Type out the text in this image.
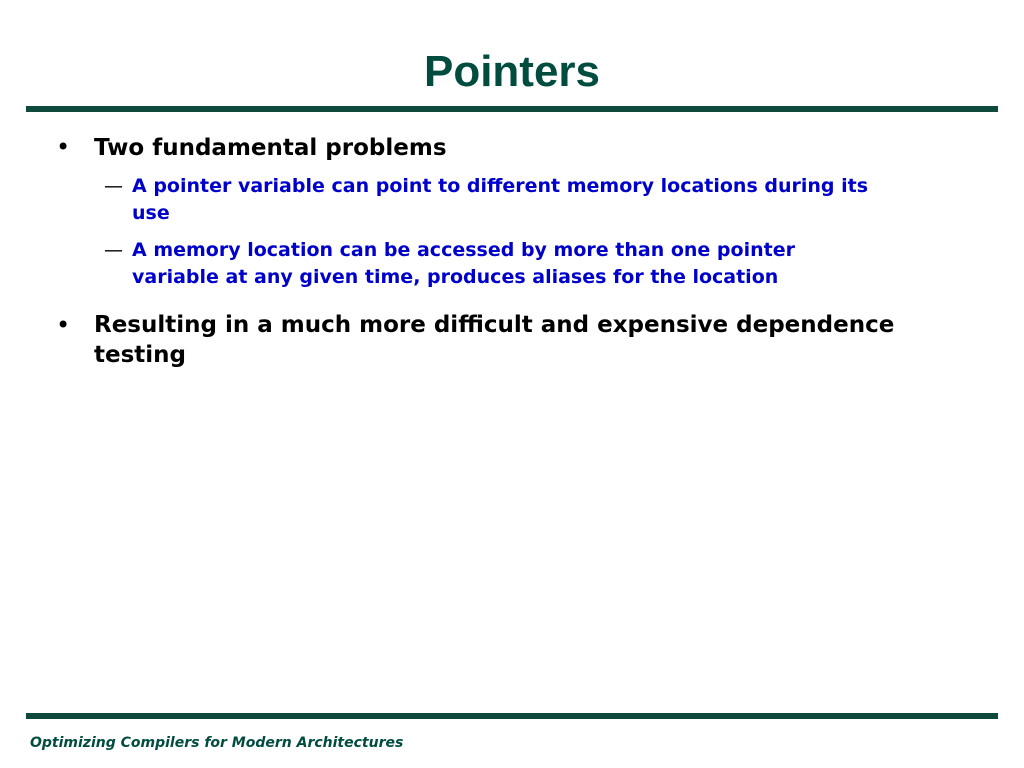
Pointers
• Two fundamental problems
— A pointer variable can point to different memory locations during its
use
— A memory location can be accessed by more than one pointer
variable at any given time, produces aliases for the location
• Resulting in a much more difficult and expensive dependence
testing
Optimizing Compilers for Modern Architectures
